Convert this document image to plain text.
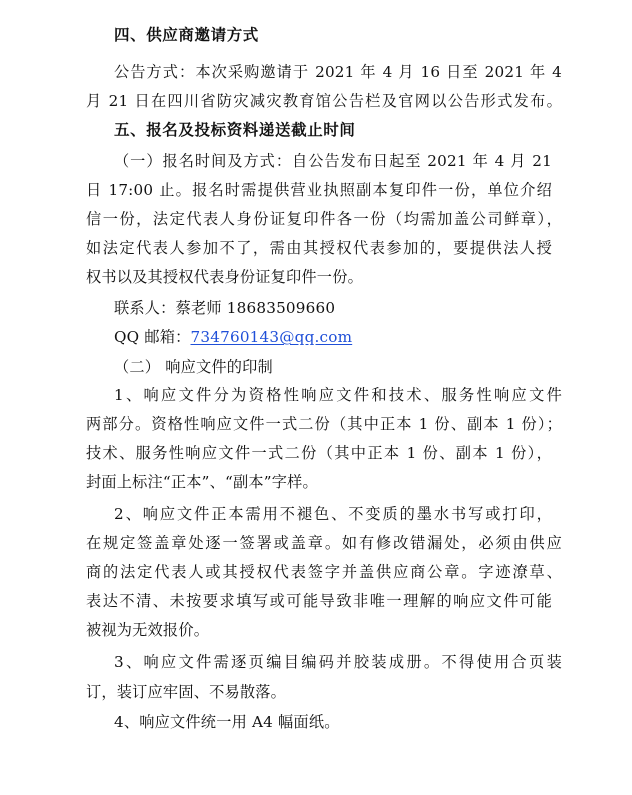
四、供应商邀请方式
公告方式：本次采购邀请于 2021 年 4 月 16 日至 2021 年 4
月 21 日在四川省防灾减灾教育馆公告栏及官网以公告形式发布。
五、报名及投标资料递送截止时间
（一）报名时间及方式：自公告发布日起至 2021 年 4 月 21
日 17:00 止。报名时需提供营业执照副本复印件一份，单位介绍
信一份，法定代表人身份证复印件各一份（均需加盖公司鲜章），
如法定代表人参加不了，需由其授权代表参加的，要提供法人授
权书以及其授权代表身份证复印件一份。
联系人：蔡老师 18683509660
QQ 邮箱：734760143@qq.com
（二） 响应文件的印制
1、响应文件分为资格性响应文件和技术、服务性响应文件
两部分。资格性响应文件一式二份（其中正本 1 份、副本 1 份）；
技术、服务性响应文件一式二份（其中正本 1 份、副本 1 份），
封面上标注“正本”、“副本”字样。
2、响应文件正本需用不褪色、不变质的墨水书写或打印，
在规定签盖章处逐一签署或盖章。如有修改错漏处，必须由供应
商的法定代表人或其授权代表签字并盖供应商公章。字迹潦草、
表达不清、未按要求填写或可能导致非唯一理解的响应文件可能
被视为无效报价。
3、响应文件需逐页编目编码并胶装成册。不得使用合页装
订，装订应牢固、不易散落。
4、响应文件统一用 A4 幅面纸。
